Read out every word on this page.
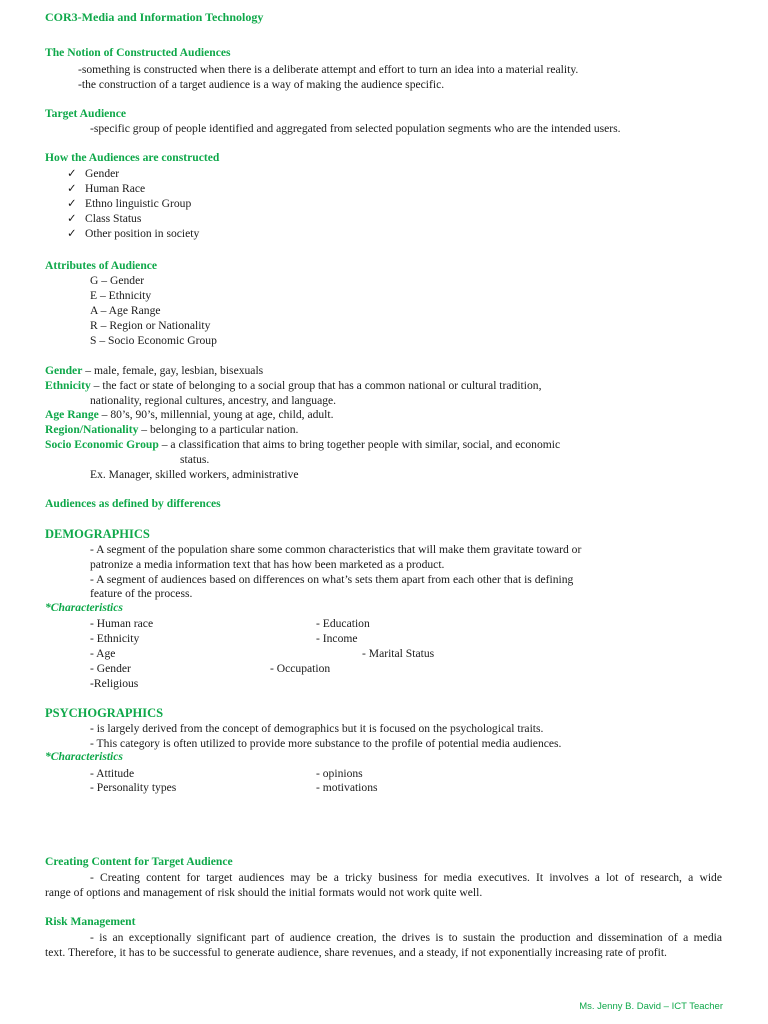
COR3-Media and Information Technology
The Notion of Constructed Audiences
-something is constructed when there is a deliberate attempt and effort to turn an idea into a material reality.
-the construction of a target audience is a way of making the audience specific.
Target Audience
-specific group of people identified and aggregated from selected population segments who are the intended users.
How the Audiences are constructed
✓ Gender
✓ Human Race
✓ Ethno linguistic Group
✓ Class Status
✓ Other position in society
Attributes of Audience
G – Gender
E – Ethnicity
A – Age Range
R – Region or Nationality
S – Socio Economic Group
Gender – male, female, gay, lesbian, bisexuals
Ethnicity – the fact or state of belonging to a social group that has a common national or cultural tradition,
nationality, regional cultures, ancestry, and language.
Age Range – 80’s, 90’s, millennial, young at age, child, adult.
Region/Nationality – belonging to a particular nation.
Socio Economic Group – a classification that aims to bring together people with similar, social, and economic
status.
Ex. Manager, skilled workers, administrative
Audiences as defined by differences
DEMOGRAPHICS
- A segment of the population share some common characteristics that will make them gravitate toward or
patronize a media information text that has how been marketed as a product.
- A segment of audiences based on differences on what’s sets them apart from each other that is defining
feature of the process.
*Characteristics
- Human race
- Ethnicity
- Age
- Gender
-Religious
- Education
- Income
- Marital Status
- Occupation
PSYCHOGRAPHICS
- is largely derived from the concept of demographics but it is focused on the psychological traits.
- This category is often utilized to provide more substance to the profile of potential media audiences.
*Characteristics
- Attitude
- Personality types
- opinions
- motivations
Creating Content for Target Audience
- Creating content for target audiences may be a tricky business for media executives. It involves a lot of research, a wide
range of options and management of risk should the initial formats would not work quite well.
Risk Management
- is an exceptionally significant part of audience creation, the drives is to sustain the production and dissemination of a media
text. Therefore, it has to be successful to generate audience, share revenues, and a steady, if not exponentially increasing rate of profit.
Ms. Jenny B. David – ICT Teacher
